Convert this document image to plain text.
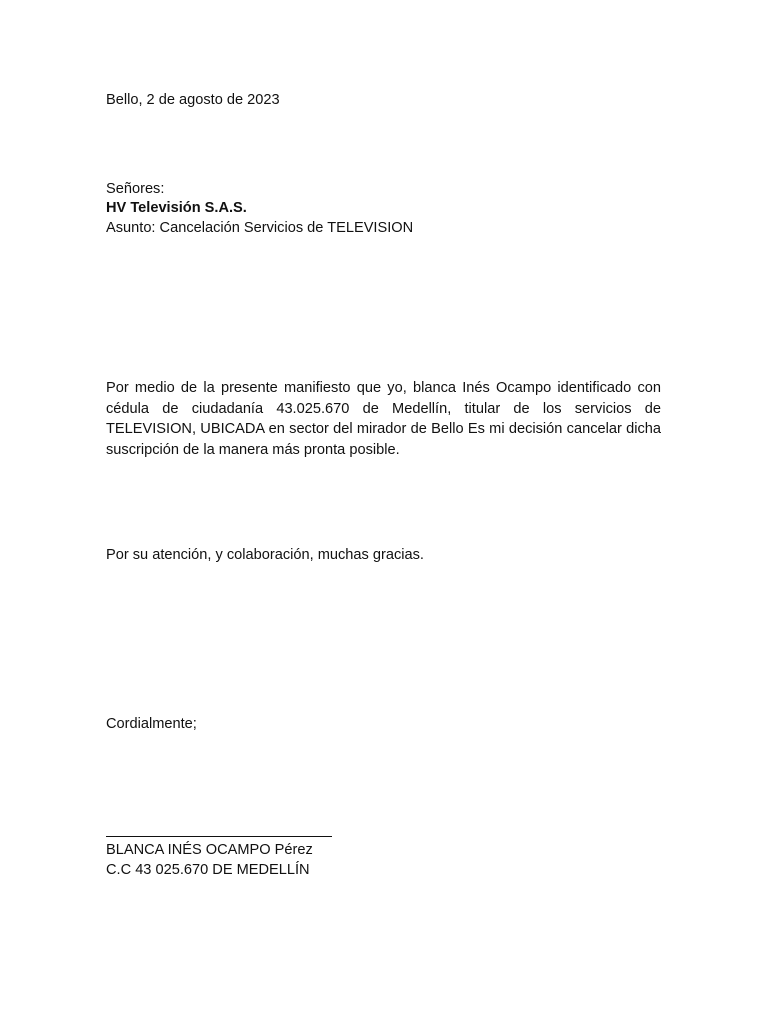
Bello, 2 de agosto de 2023
Señores:
HV Televisión S.A.S.
Asunto: Cancelación Servicios de TELEVISION
Por medio de la presente manifiesto que yo, blanca Inés Ocampo identificado con cédula de ciudadanía 43.025.670 de Medellín, titular de los servicios de TELEVISION, UBICADA en sector del mirador de Bello Es mi decisión cancelar dicha suscripción de la manera más pronta posible.
Por su atención, y colaboración, muchas gracias.
Cordialmente;
BLANCA INÉS OCAMPO Pérez
C.C 43 025.670 DE MEDELLÍN
